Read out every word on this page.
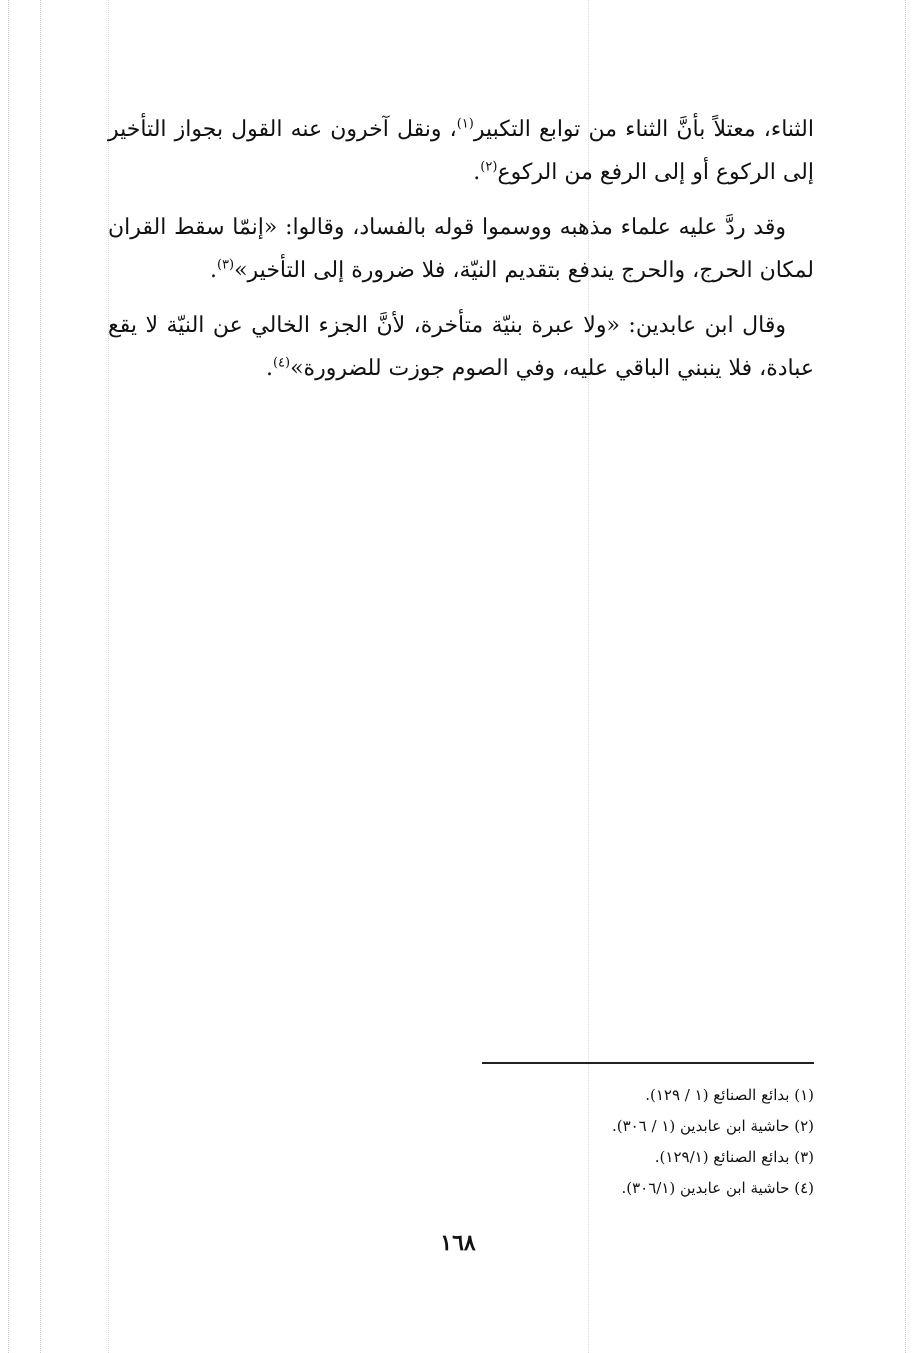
الثناء، معتلاً بأنَّ الثناء من توابع التكبير$^{(١)}$، ونقل آخرون عنه القول بجواز التأخير إلى الركوع أو إلى الرفع من الركوع$^{(٢)}$.

وقد ردَّ عليه علماء مذهبه ووسموا قوله بالفساد، وقالوا: «إنمّا سقط القران لمكان الحرج، والحرج يندفع بتقديم النيّة، فلا ضرورة إلى التأخير»$^{(٣)}$.

وقال ابن عابدين: «ولا عبرة بنيّة متأخرة، لأنَّ الجزء الخالي عن النيّة لا يقع عبادة، فلا ينبني الباقي عليه، وفي الصوم جوزت للضرورة»$^{(٤)}$.

(١) بدائع الصنائع (١ / ١٢٩).
(٢) حاشية ابن عابدين (١ / ٣٠٦).
(٣) بدائع الصنائع (١٢٩/١).
(٤) حاشية ابن عابدين (٣٠٦/١).
١٦٨
